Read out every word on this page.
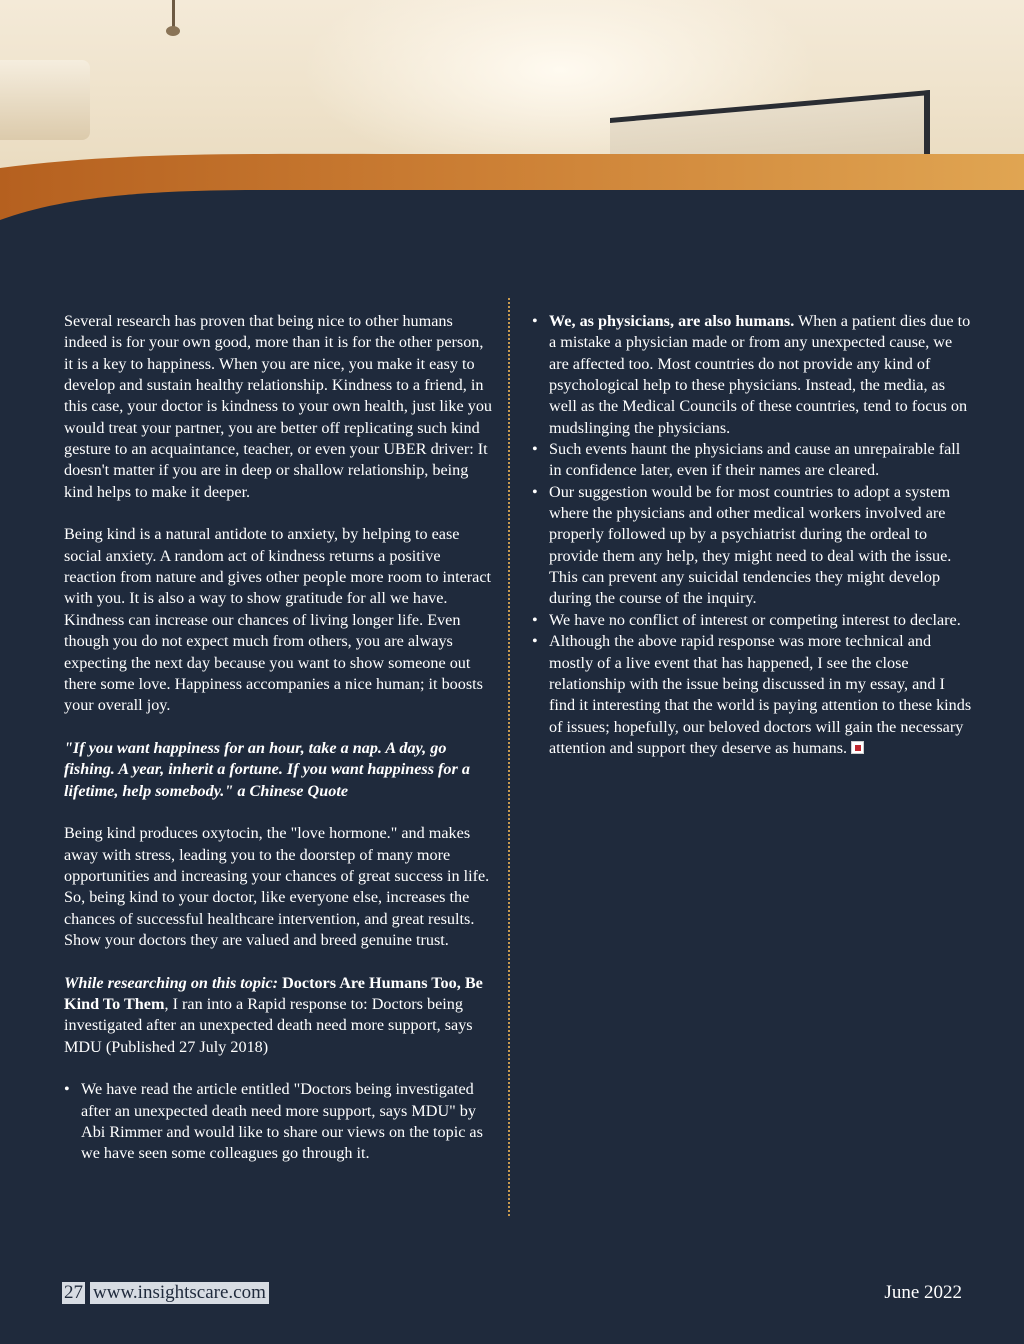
Several research has proven that being nice to other humans indeed is for your own good, more than it is for the other person, it is a key to happiness. When you are nice, you make it easy to develop and sustain healthy relationship. Kindness to a friend, in this case, your doctor is kindness to your own health, just like you would treat your partner, you are better off replicating such kind gesture to an acquaintance, teacher, or even your UBER driver: It doesn't matter if you are in deep or shallow relationship, being kind helps to make it deeper.

Being kind is a natural antidote to anxiety, by helping to ease social anxiety. A random act of kindness returns a positive reaction from nature and gives other people more room to interact with you. It is also a way to show gratitude for all we have. Kindness can increase our chances of living longer life. Even though you do not expect much from others, you are always expecting the next day because you want to show someone out there some love. Happiness accompanies a nice human; it boosts your overall joy.

"If you want happiness for an hour, take a nap. A day, go fishing. A year, inherit a fortune. If you want happiness for a lifetime, help somebody." a Chinese Quote

Being kind produces oxytocin, the "love hormone." and makes away with stress, leading you to the doorstep of many more opportunities and increasing your chances of great success in life. So, being kind to your doctor, like everyone else, increases the chances of successful healthcare intervention, and great results. Show your doctors they are valued and breed genuine trust.

While researching on this topic: Doctors Are Humans Too, Be Kind To Them, I ran into a Rapid response to: Doctors being investigated after an unexpected death need more support, says MDU (Published 27 July 2018)

• We have read the article entitled "Doctors being investigated after an unexpected death need more support, says MDU" by Abi Rimmer and would like to share our views on the topic as we have seen some colleagues go through it.
• We, as physicians, are also humans. When a patient dies due to a mistake a physician made or from any unexpected cause, we are affected too. Most countries do not provide any kind of psychological help to these physicians. Instead, the media, as well as the Medical Councils of these countries, tend to focus on mudslinging the physicians.
• Such events haunt the physicians and cause an unrepairable fall in confidence later, even if their names are cleared.
• Our suggestion would be for most countries to adopt a system where the physicians and other medical workers involved are properly followed up by a psychiatrist during the ordeal to provide them any help, they might need to deal with the issue. This can prevent any suicidal tendencies they might develop during the course of the inquiry.
• We have no conflict of interest or competing interest to declare.
• Although the above rapid response was more technical and mostly of a live event that has happened, I see the close relationship with the issue being discussed in my essay, and I find it interesting that the world is paying attention to these kinds of issues; hopefully, our beloved doctors will gain the necessary attention and support they deserve as humans.
27 www.insightscare.com	June 2022
